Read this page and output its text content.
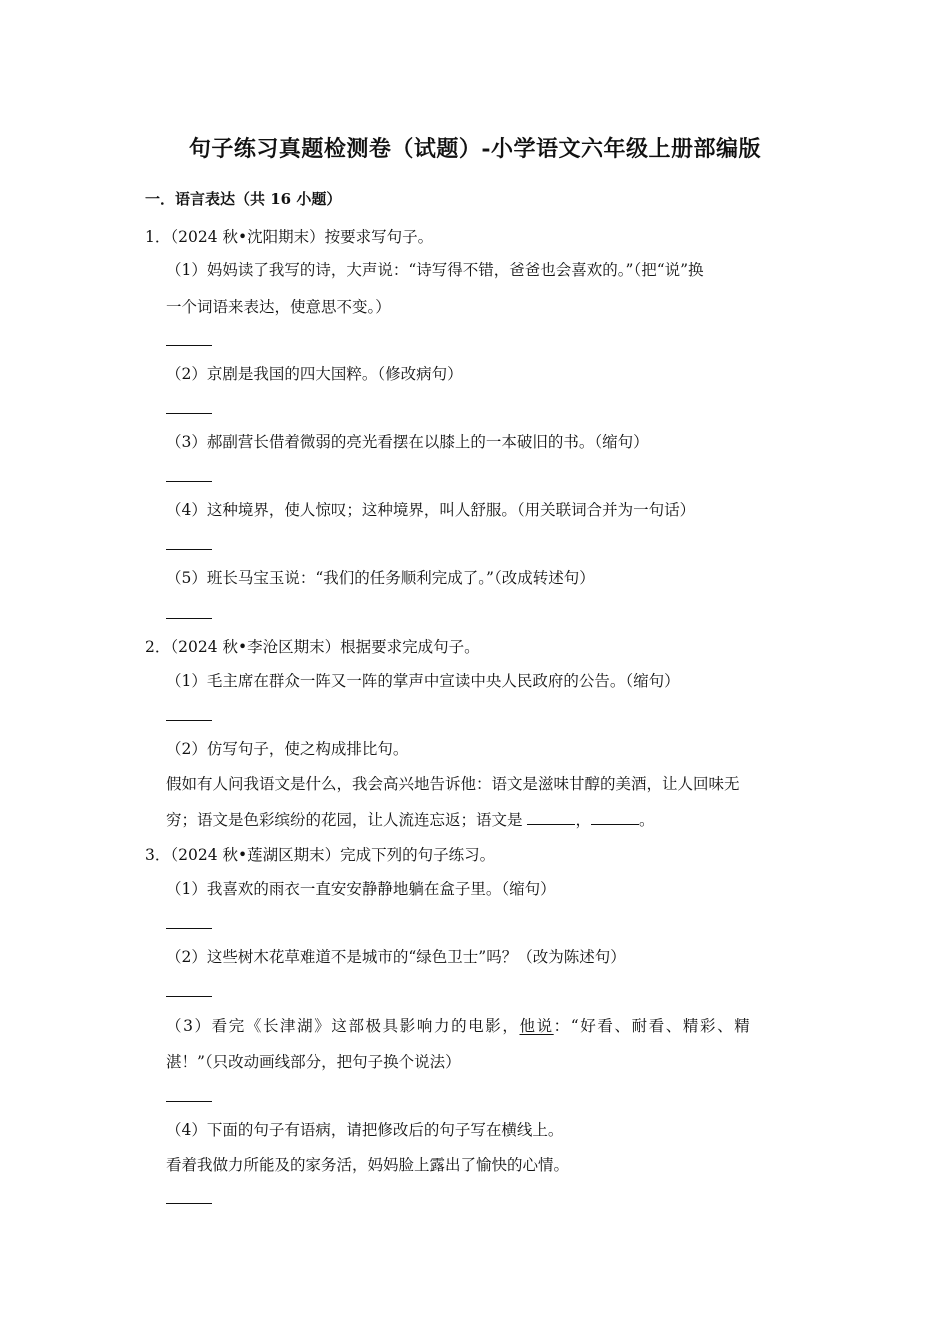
句子练习真题检测卷（试题）-小学语文六年级上册部编版
一．语言表达（共 16 小题）
1．（2024 秋•沈阳期末）按要求写句子。
（1）妈妈读了我写的诗，大声说：“诗写得不错，爸爸也会喜欢的。”（把“说”换
一个词语来表达，使意思不变。）
（2）京剧是我国的四大国粹。（修改病句）
（3）郝副营长借着微弱的亮光看摆在以膝上的一本破旧的书。（缩句）
（4）这种境界，使人惊叹；这种境界，叫人舒服。（用关联词合并为一句话）
（5）班长马宝玉说：“我们的任务顺利完成了。”（改成转述句）
2．（2024 秋•李沧区期末）根据要求完成句子。
（1）毛主席在群众一阵又一阵的掌声中宣读中央人民政府的公告。（缩句）
（2）仿写句子，使之构成排比句。
假如有人问我语文是什么，我会高兴地告诉他：语文是滋味甘醇的美酒，让人回味无
穷；语文是色彩缤纷的花园，让人流连忘返；语文是	，	。
3．（2024 秋•莲湖区期末）完成下列的句子练习。
（1）我喜欢的雨衣一直安安静静地躺在盒子里。（缩句）
（2）这些树木花草难道不是城市的“绿色卫士”吗？（改为陈述句）
（3）看完《长津湖》这部极具影响力的电影，他说：“好看、耐看、精彩、精
湛！”（只改动画线部分，把句子换个说法）
（4）下面的句子有语病，请把修改后的句子写在横线上。
看着我做力所能及的家务活，妈妈脸上露出了愉快的心情。
